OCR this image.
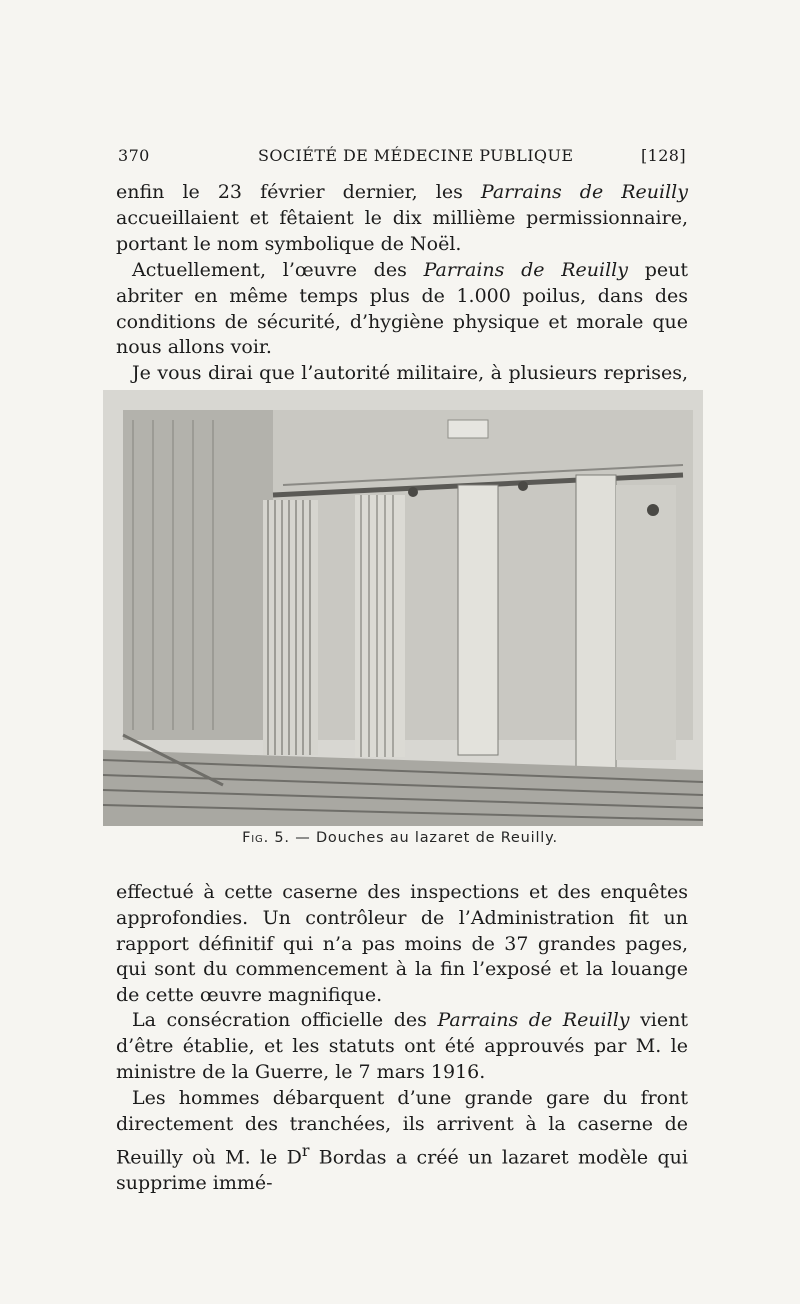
370	SOCIÉTÉ DE MÉDECINE PUBLIQUE	[128]

enfin le 23 février dernier, les Parrains de Reuilly accueillaient et fêtaient le dix millième permissionnaire, portant le nom symbolique de Noël.

Actuellement, l’œuvre des Parrains de Reuilly peut abriter en même temps plus de 1.000 poilus, dans des conditions de sécurité, d’hygiène physique et morale que nous allons voir.

Je vous dirai que l’autorité militaire, à plusieurs reprises,

Fig. 5. — Douches au lazaret de Reuilly.

effectué à cette caserne des inspections et des enquêtes approfondies. Un contrôleur de l’Administration fit un rapport définitif qui n’a pas moins de 37 grandes pages, qui sont du commencement à la fin l’exposé et la louange de cette œuvre magnifique.

La consécration officielle des Parrains de Reuilly vient d’être établie, et les statuts ont été approuvés par M. le ministre de la Guerre, le 7 mars 1916.

Les hommes débarquent d’une grande gare du front directement des tranchées, ils arrivent à la caserne de Reuilly où M. le $D^r$ Bordas a créé un lazaret modèle qui supprime immé-
